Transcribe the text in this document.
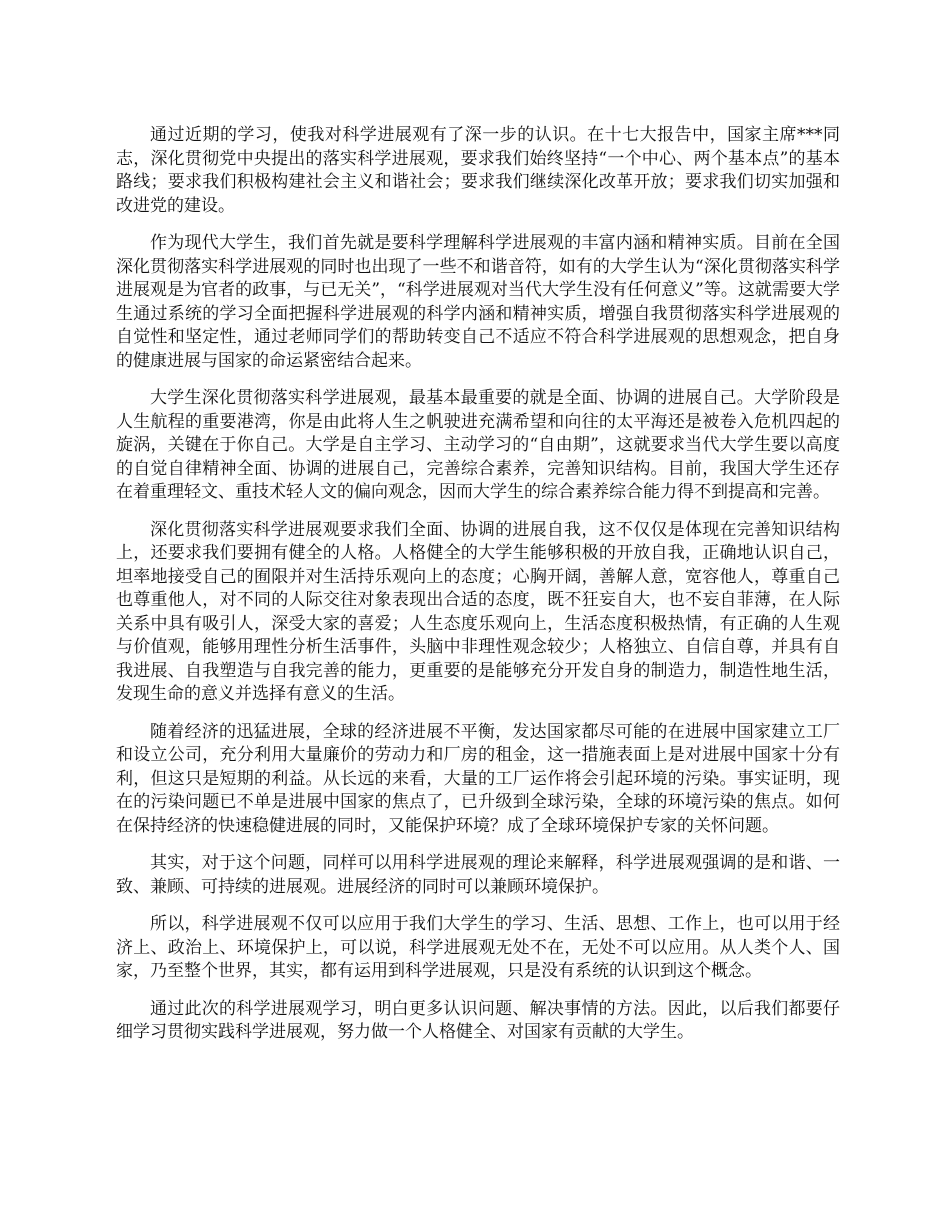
通过近期的学习，使我对科学进展观有了深一步的认识。在十七大报告中，国家主席***同志，深化贯彻党中央提出的落实科学进展观，要求我们始终坚持“一个中心、两个基本点”的基本路线；要求我们积极构建社会主义和谐社会；要求我们继续深化改革开放；要求我们切实加强和改进党的建设。

作为现代大学生，我们首先就是要科学理解科学进展观的丰富内涵和精神实质。目前在全国深化贯彻落实科学进展观的同时也出现了一些不和谐音符，如有的大学生认为“深化贯彻落实科学进展观是为官者的政事，与已无关”，“科学进展观对当代大学生没有任何意义”等。这就需要大学生通过系统的学习全面把握科学进展观的科学内涵和精神实质，增强自我贯彻落实科学进展观的自觉性和坚定性，通过老师同学们的帮助转变自己不适应不符合科学进展观的思想观念，把自身的健康进展与国家的命运紧密结合起来。

大学生深化贯彻落实科学进展观，最基本最重要的就是全面、协调的进展自己。大学阶段是人生航程的重要港湾，你是由此将人生之帆驶进充满希望和向往的太平海还是被卷入危机四起的旋涡，关键在于你自己。大学是自主学习、主动学习的“自由期”，这就要求当代大学生要以高度的自觉自律精神全面、协调的进展自己，完善综合素养，完善知识结构。目前，我国大学生还存在着重理轻文、重技术轻人文的偏向观念，因而大学生的综合素养综合能力得不到提高和完善。

深化贯彻落实科学进展观要求我们全面、协调的进展自我，这不仅仅是体现在完善知识结构上，还要求我们要拥有健全的人格。人格健全的大学生能够积极的开放自我，正确地认识自己，坦率地接受自己的囿限并对生活持乐观向上的态度；心胸开阔，善解人意，宽容他人，尊重自己也尊重他人，对不同的人际交往对象表现出合适的态度，既不狂妄自大，也不妄自菲薄，在人际关系中具有吸引人，深受大家的喜爱；人生态度乐观向上，生活态度积极热情，有正确的人生观与价值观，能够用理性分析生活事件，头脑中非理性观念较少；人格独立、自信自尊，并具有自我进展、自我塑造与自我完善的能力，更重要的是能够充分开发自身的制造力，制造性地生活，发现生命的意义并选择有意义的生活。

随着经济的迅猛进展，全球的经济进展不平衡，发达国家都尽可能的在进展中国家建立工厂和设立公司，充分利用大量廉价的劳动力和厂房的租金，这一措施表面上是对进展中国家十分有利，但这只是短期的利益。从长远的来看，大量的工厂运作将会引起环境的污染。事实证明，现在的污染问题已不单是进展中国家的焦点了，已升级到全球污染，全球的环境污染的焦点。如何在保持经济的快速稳健进展的同时，又能保护环境？成了全球环境保护专家的关怀问题。

其实，对于这个问题，同样可以用科学进展观的理论来解释，科学进展观强调的是和谐、一致、兼顾、可持续的进展观。进展经济的同时可以兼顾环境保护。

所以，科学进展观不仅可以应用于我们大学生的学习、生活、思想、工作上，也可以用于经济上、政治上、环境保护上，可以说，科学进展观无处不在，无处不可以应用。从人类个人、国家，乃至整个世界，其实，都有运用到科学进展观，只是没有系统的认识到这个概念。

通过此次的科学进展观学习，明白更多认识问题、解决事情的方法。因此，以后我们都要仔细学习贯彻实践科学进展观，努力做一个人格健全、对国家有贡献的大学生。
